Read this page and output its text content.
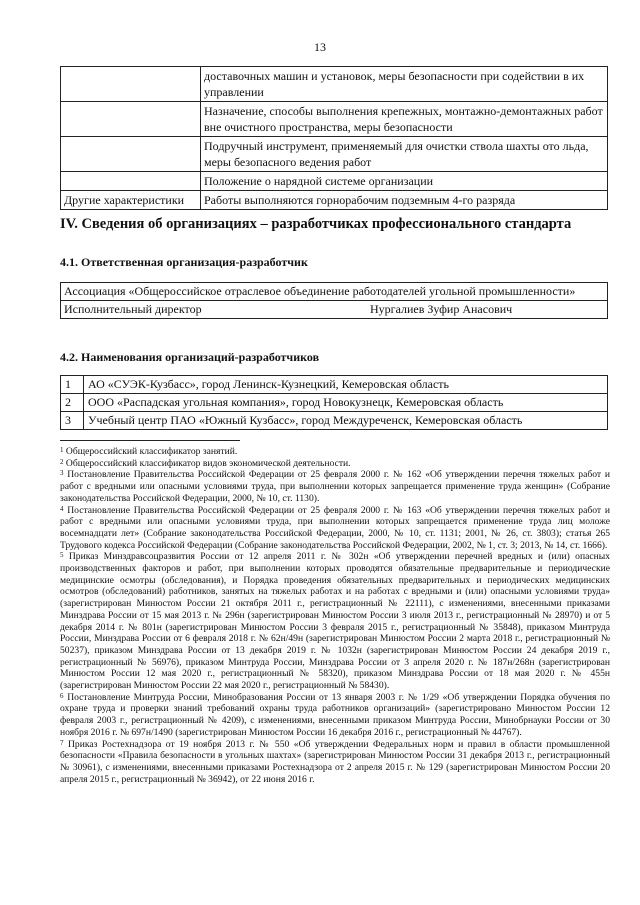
13
	доставочных машин и установок, меры безопасности при содействии в их управлении
	Назначение, способы выполнения крепежных, монтажно-демонтажных работ вне очистного пространства, меры безопасности
	Подручный инструмент, применяемый для очистки ствола шахты ото льда, меры безопасного ведения работ
	Положение о нарядной системе организации
Другие характеристики	Работы выполняются горнорабочим подземным 4-го разряда
IV. Сведения об организациях – разработчиках профессионального стандарта
4.1. Ответственная организация-разработчик
Ассоциация «Общероссийское отраслевое объединение работодателей угольной промышленности»
Исполнительный директор	Нургалиев Зуфир Анасович
4.2. Наименования организаций-разработчиков
1	АО «СУЭК-Кузбасс», город Ленинск-Кузнецкий, Кемеровская область
2	ООО «Распадская угольная компания», город Новокузнецк, Кемеровская область
3	Учебный центр ПАО «Южный Кузбасс», город Междуреченск, Кемеровская область

$^1$ Общероссийский классификатор занятий.

$^2$ Общероссийский классификатор видов экономической деятельности.

$^3$ Постановление Правительства Российской Федерации от 25 февраля 2000 г. № 162 «Об утверждении перечня тяжелых работ и работ с вредными или опасными условиями труда, при выполнении которых запрещается применение труда женщин» (Собрание законодательства Российской Федерации, 2000, № 10, ст. 1130).

$^4$ Постановление Правительства Российской Федерации от 25 февраля 2000 г. № 163 «Об утверждении перечня тяжелых работ и работ с вредными или опасными условиями труда, при выполнении которых запрещается применение труда лиц моложе восемнадцати лет» (Собрание законодательства Российской Федерации, 2000, № 10, ст. 1131; 2001, № 26, ст. 3803); статья 265 Трудового кодекса Российской Федерации (Собрание законодательства Российской Федерации, 2002, № 1, ст. 3; 2013, № 14, ст. 1666).

$^5$ Приказ Минздравсоцразвития России от 12 апреля 2011 г. № 302н «Об утверждении перечней вредных и (или) опасных производственных факторов и работ, при выполнении которых проводятся обязательные предварительные и периодические медицинские осмотры (обследования), и Порядка проведения обязательных предварительных и периодических медицинских осмотров (обследований) работников, занятых на тяжелых работах и на работах с вредными и (или) опасными условиями труда» (зарегистрирован Минюстом России 21 октября 2011 г., регистрационный № 22111), с изменениями, внесенными приказами Минздрава России от 15 мая 2013 г. № 296н (зарегистрирован Минюстом России 3 июля 2013 г., регистрационный № 28970) и от 5 декабря 2014 г. № 801н (зарегистрирован Минюстом России 3 февраля 2015 г., регистрационный № 35848), приказом Минтруда России, Минздрава России от 6 февраля 2018 г. № 62н/49н (зарегистрирован Минюстом России 2 марта 2018 г., регистрационный № 50237), приказом Минздрава России от 13 декабря 2019 г. № 1032н (зарегистрирован Минюстом России 24 декабря 2019 г., регистрационный № 56976), приказом Минтруда России, Минздрава России от 3 апреля 2020 г. № 187н/268н (зарегистрирован Минюстом России 12 мая 2020 г., регистрационный № 58320), приказом Минздрава России от 18 мая 2020 г. № 455н (зарегистрирован Минюстом России 22 мая 2020 г., регистрационный № 58430).

$^6$ Постановление Минтруда России, Минобразования России от 13 января 2003 г. № 1/29 «Об утверждении Порядка обучения по охране труда и проверки знаний требований охраны труда работников организаций» (зарегистрировано Минюстом России 12 февраля 2003 г., регистрационный № 4209), с изменениями, внесенными приказом Минтруда России, Минобрнауки России от 30 ноября 2016 г. № 697н/1490 (зарегистрирован Минюстом России 16 декабря 2016 г., регистрационный № 44767).

$^7$ Приказ Ростехнадзора от 19 ноября 2013 г. № 550 «Об утверждении Федеральных норм и правил в области промышленной безопасности «Правила безопасности в угольных шахтах» (зарегистрирован Минюстом России 31 декабря 2013 г., регистрационный № 30961), с изменениями, внесенными приказами Ростехнадзора от 2 апреля 2015 г. № 129 (зарегистрирован Минюстом России 20 апреля 2015 г., регистрационный № 36942), от 22 июня 2016 г.
